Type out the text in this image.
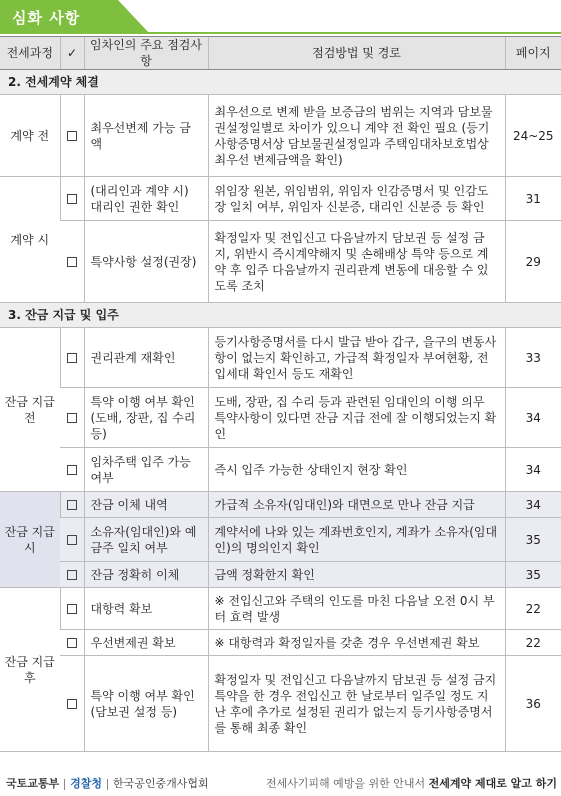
심화 사항
전세과정	✓	임차인의 주요 점검사항	점검방법 및 경로	페이지
2. 전세계약 체결				
계약 전		최우선변제 가능 금액	최우선으로 변제 받을 보증금의 범위는 지역과 담보물권설정일별로 차이가 있으니 계약 전 확인 필요 (등기사항증명서상 담보물권설정일과 주택임대차보호법상 최우선 변제금액을 확인)	24~25
계약 시		(대리인과 계약 시) 대리인 권한 확인	위임장 원본, 위임범위, 위임자 인감증명서 및 인감도장 일치 여부, 위임자 신분증, 대리인 신분증 등 확인	31
		특약사항 설정(권장)	확정일자 및 전입신고 다음날까지 담보권 등 설정 금지, 위반시 즉시계약해지 및 손해배상 특약 등으로 계약 후 입주 다음날까지 권리관계 변동에 대응할 수 있도록 조치	29
3. 잔금 지급 및 입주				
잔금 지급 전		권리관계 재확인	등기사항증명서를 다시 발급 받아 갑구, 을구의 변동사항이 없는지 확인하고, 가급적 확정일자 부여현황, 전입세대 확인서 등도 재확인	33
		특약 이행 여부 확인 (도배, 장판, 집 수리 등)	도배, 장판, 집 수리 등과 관련된 임대인의 이행 의무 특약사항이 있다면 잔금 지급 전에 잘 이행되었는지 확인	34
		임차주택 입주 가능 여부	즉시 입주 가능한 상태인지 현장 확인	34
잔금 지급 시		잔금 이체 내역	가급적 소유자(임대인)와 대면으로 만나 잔금 지급	34
		소유자(임대인)와 예금주 일치 여부	계약서에 나와 있는 계좌번호인지, 계좌가 소유자(임대인)의 명의인지 확인	35
		잔금 정확히 이체	금액 정확한지 확인	35
잔금 지급 후		대항력 확보	※ 전입신고와 주택의 인도를 마친 다음날 오전 0시 부터 효력 발생	22
		우선변제권 확보	※ 대항력과 확정일자를 갖춘 경우 우선변제권 확보	22
		특약 이행 여부 확인 (담보권 설정 등)	확정일자 및 전입신고 다음날까지 담보권 등 설정 금지 특약을 한 경우 전입신고 한 날로부터 일주일 정도 지난 후에 추가로 설정된 권리가 없는지 등기사항증명서를 통해 최종 확인	36
국토교통부 경찰청 한국공인중개사협회	전세사기피해 예방을 위한 안내서 전세계약 제대로 알고 하기
